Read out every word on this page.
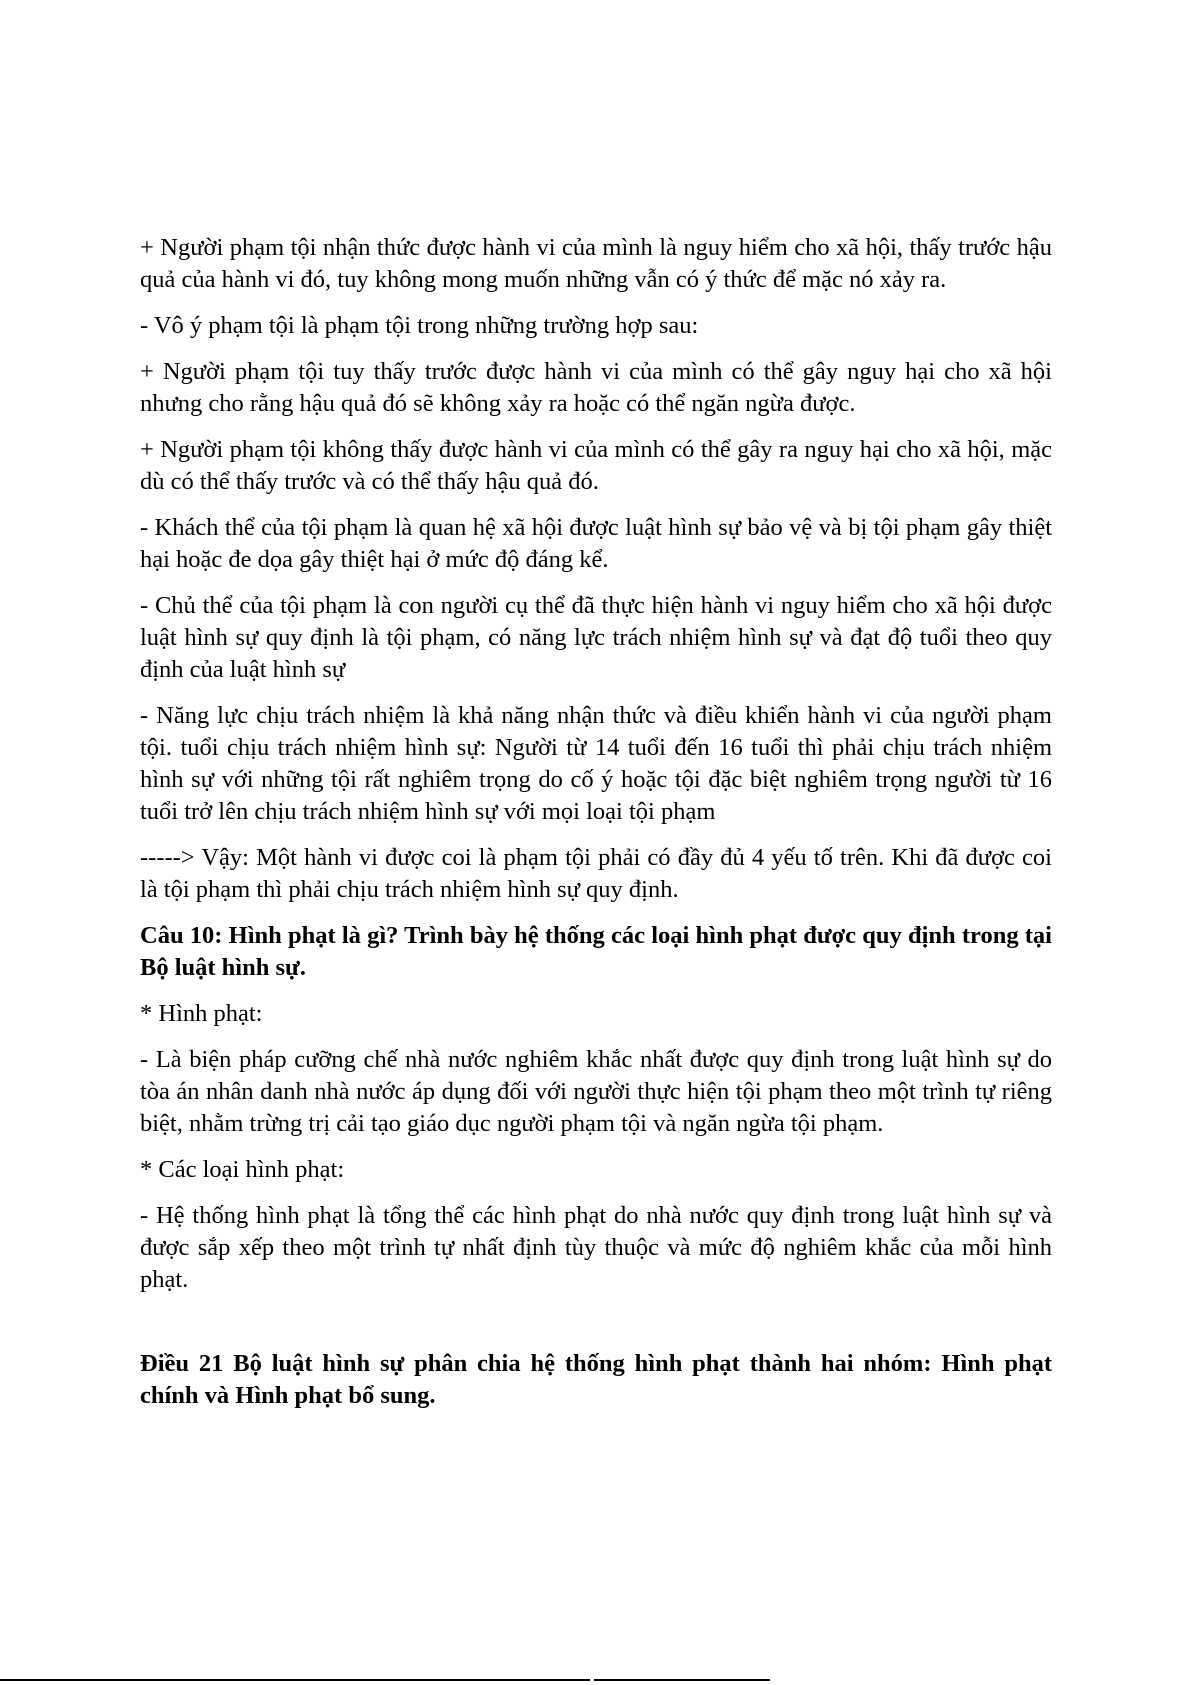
+ Người phạm tội nhận thức được hành vi của mình là nguy hiểm cho xã hội, thấy trước hậu quả của hành vi đó, tuy không mong muốn những vẫn có ý thức để mặc nó xảy ra.

- Vô ý phạm tội là phạm tội trong những trường hợp sau:

+ Người phạm tội tuy thấy trước được hành vi của mình có thể gây nguy hại cho xã hội nhưng cho rằng hậu quả đó sẽ không xảy ra hoặc có thể ngăn ngừa được.

+ Người phạm tội không thấy được hành vi của mình có thể gây ra nguy hại cho xã hội, mặc dù có thể thấy trước và có thể thấy hậu quả đó.

- Khách thể của tội phạm là quan hệ xã hội được luật hình sự bảo vệ và bị tội phạm gây thiệt hại hoặc đe dọa gây thiệt hại ở mức độ đáng kể.

- Chủ thể của tội phạm là con người cụ thể đã thực hiện hành vi nguy hiểm cho xã hội được luật hình sự quy định là tội phạm, có năng lực trách nhiệm hình sự và đạt độ tuổi theo quy định của luật hình sự

- Năng lực chịu trách nhiệm là khả năng nhận thức và điều khiển hành vi của người phạm tội. tuổi chịu trách nhiệm hình sự: Người từ 14 tuổi đến 16 tuổi thì phải chịu trách nhiệm hình sự với những tội rất nghiêm trọng do cố ý hoặc tội đặc biệt nghiêm trọng người từ 16 tuổi trở lên chịu trách nhiệm hình sự với mọi loại tội phạm

-----> Vậy: Một hành vi được coi là phạm tội phải có đầy đủ 4 yếu tố trên. Khi đã được coi là tội phạm thì phải chịu trách nhiệm hình sự quy định.

Câu 10: Hình phạt là gì? Trình bày hệ thống các loại hình phạt được quy định trong tại Bộ luật hình sự.

* Hình phạt:

- Là biện pháp cưỡng chế nhà nước nghiêm khắc nhất được quy định trong luật hình sự do tòa án nhân danh nhà nước áp dụng đối với người thực hiện tội phạm theo một trình tự riêng biệt, nhằm trừng trị cải tạo giáo dục người phạm tội và ngăn ngừa tội phạm.

* Các loại hình phạt:

- Hệ thống hình phạt là tổng thể các hình phạt do nhà nước quy định trong luật hình sự và được sắp xếp theo một trình tự nhất định tùy thuộc và mức độ nghiêm khắc của mỗi hình phạt.

Điều 21 Bộ luật hình sự phân chia hệ thống hình phạt thành hai nhóm: Hình phạt chính và Hình phạt bổ sung.
